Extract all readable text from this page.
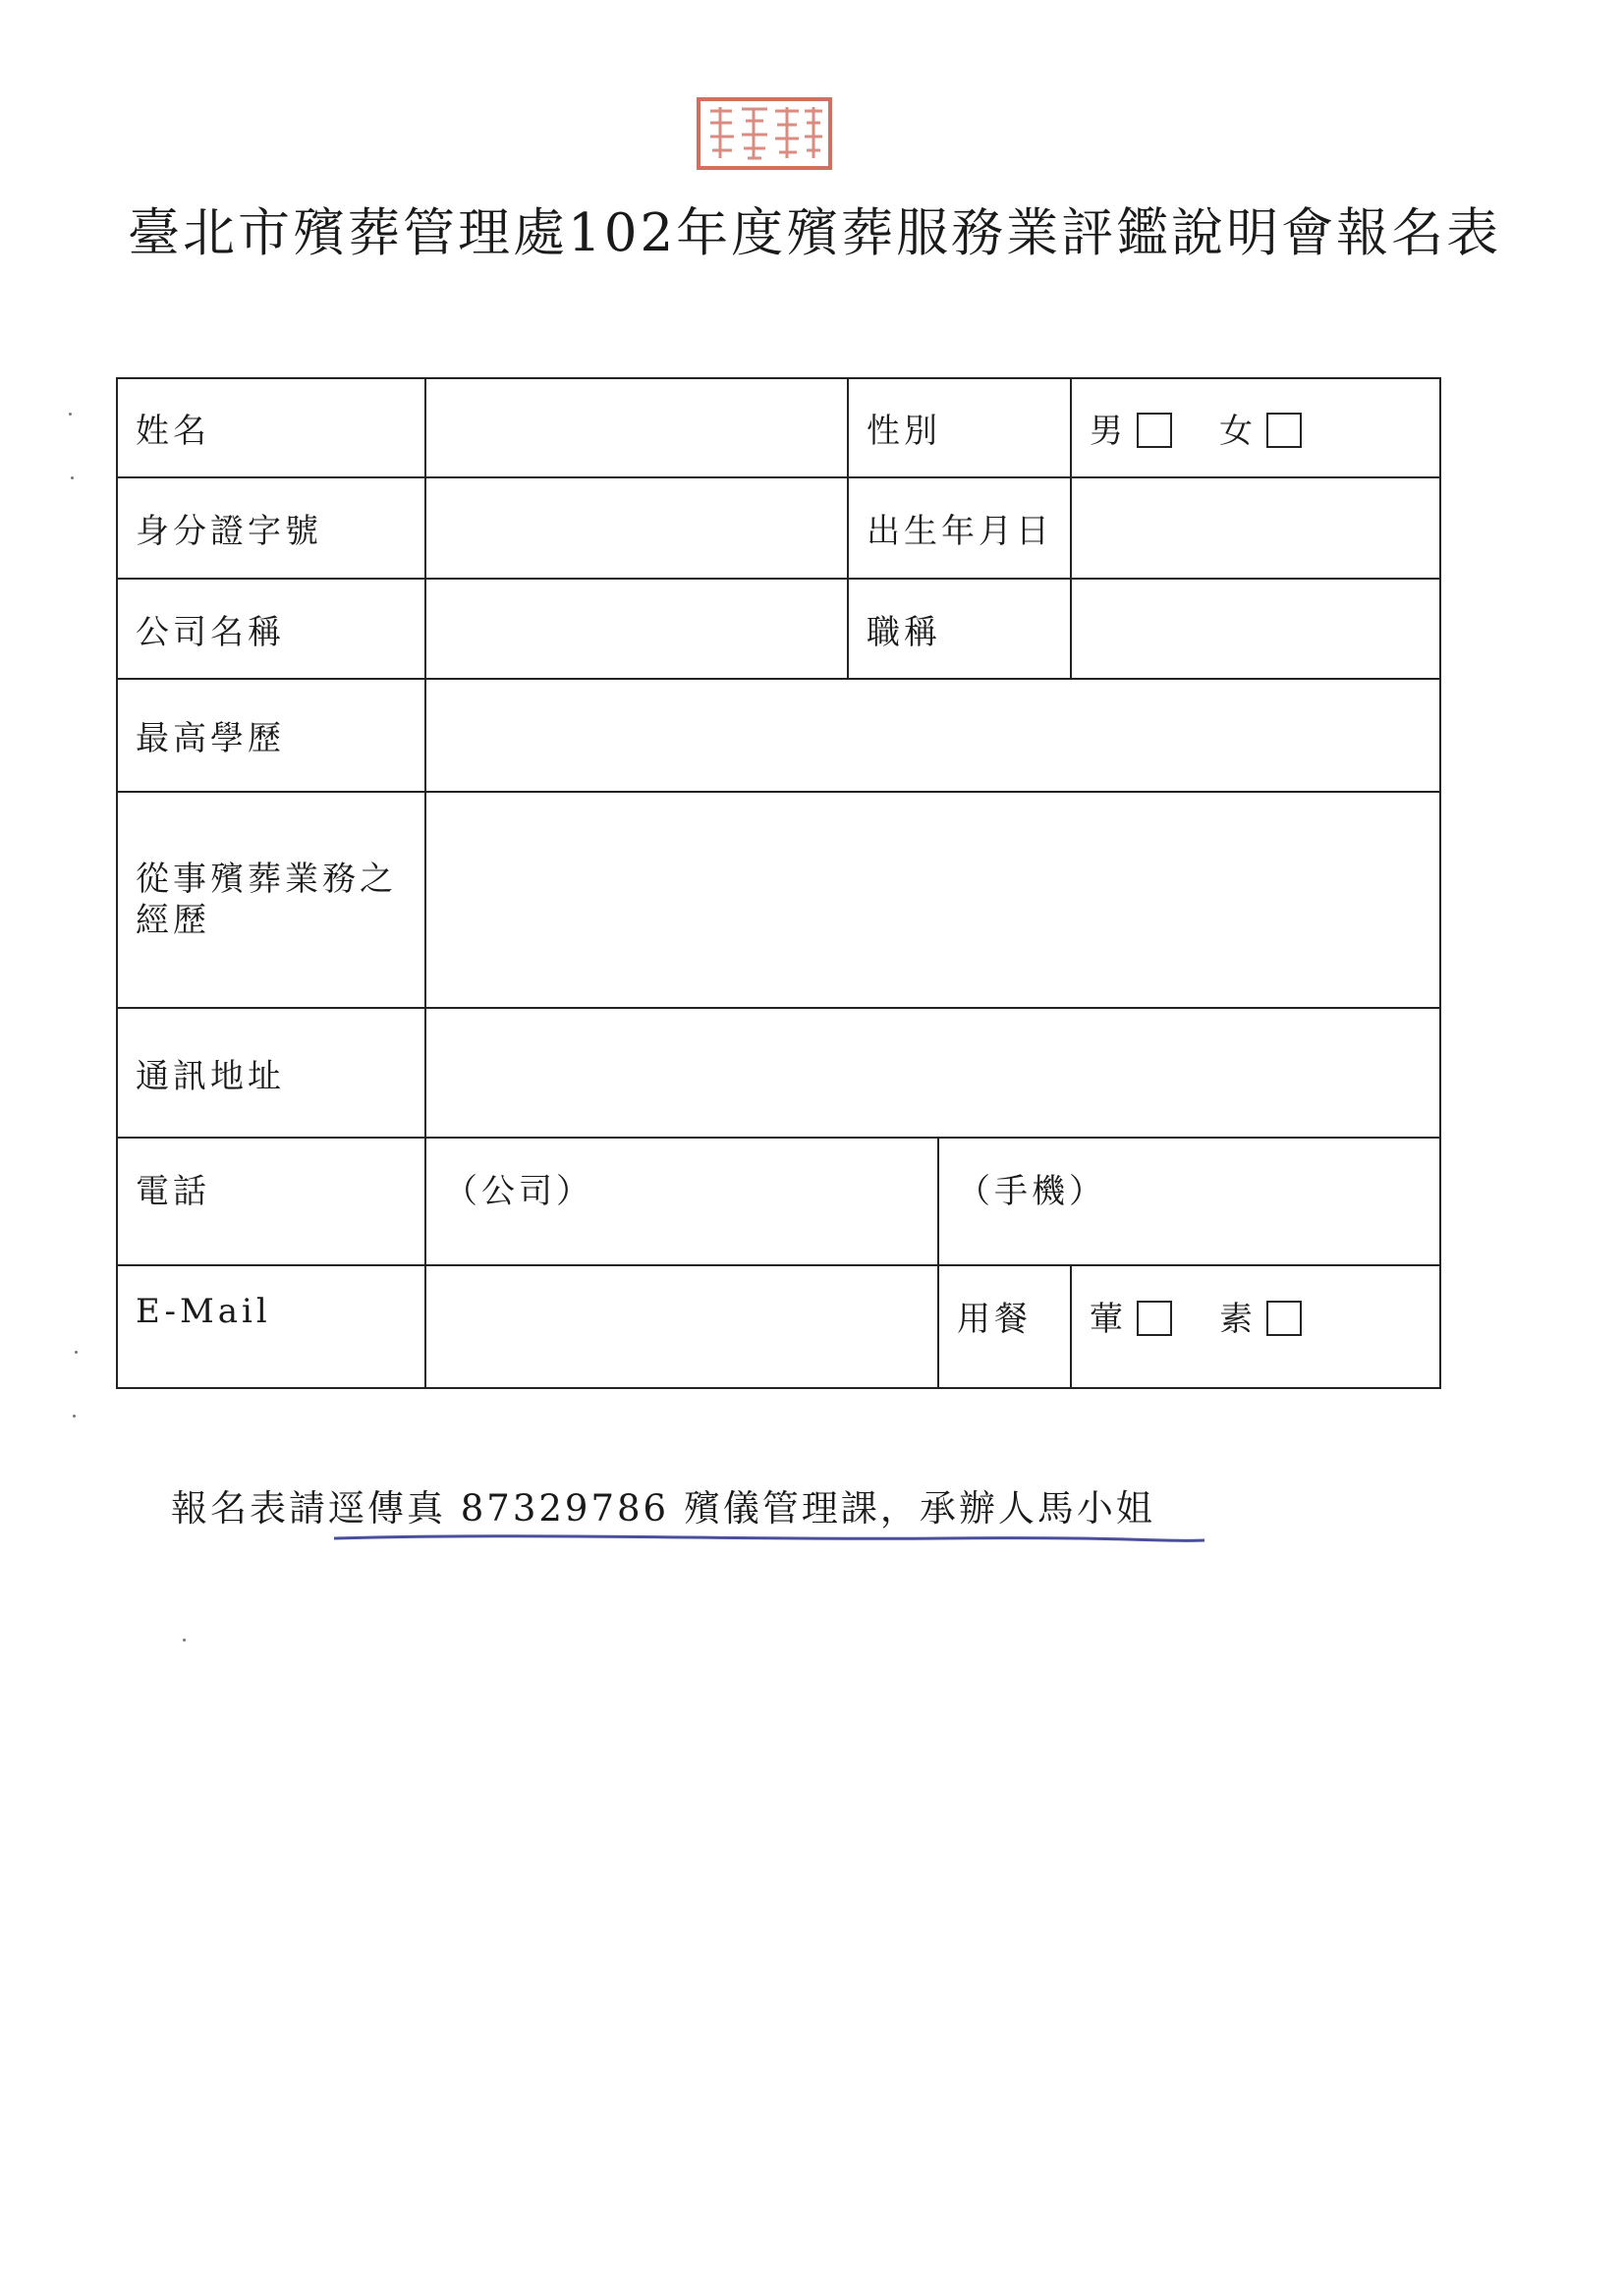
臺北市殯葬管理處102年度殯葬服務業評鑑說明會報名表
姓名		性別		男 女
身分證字號		出生年月日		
公司名稱		職稱		
最高學歷				
從事殯葬業務之經歷				
通訊地址				
電話	（公司）		（手機）	
E-Mail			用餐	葷 素

報名表請逕傳真 87329786 殯儀管理課，承辦人馬小姐
